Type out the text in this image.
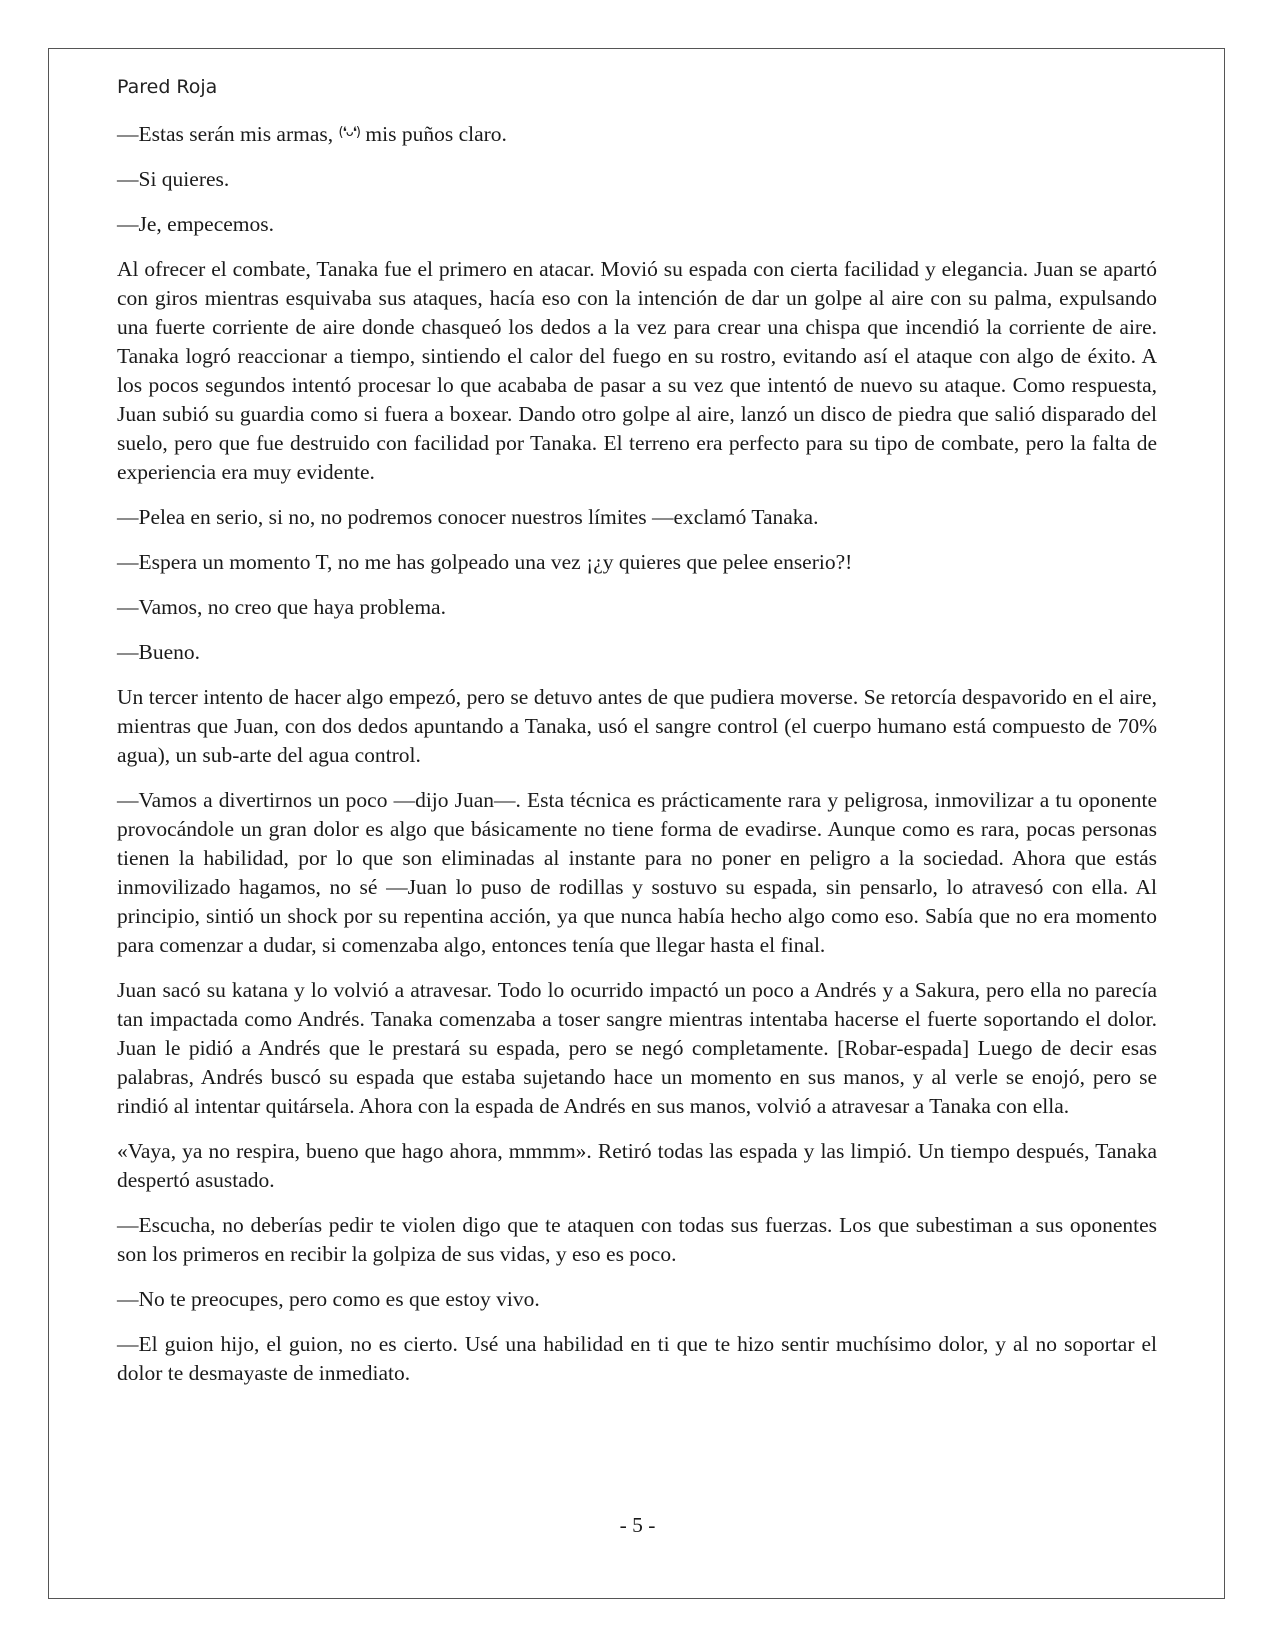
Pared Roja

—Estas serán mis armas, $^{(❛ᴗ❛)}$ mis puños claro.

—Si quieres.

—Je, empecemos.

Al ofrecer el combate, Tanaka fue el primero en atacar. Movió su espada con cierta facilidad y elegancia. Juan se apartó con giros mientras esquivaba sus ataques, hacía eso con la intención de dar un golpe al aire con su palma, expulsando una fuerte corriente de aire donde chasqueó los dedos a la vez para crear una chispa que incendió la corriente de aire. Tanaka logró reaccionar a tiempo, sintiendo el calor del fuego en su rostro, evitando así el ataque con algo de éxito. A los pocos segundos intentó procesar lo que acababa de pasar a su vez que intentó de nuevo su ataque. Como respuesta, Juan subió su guardia como si fuera a boxear. Dando otro golpe al aire, lanzó un disco de piedra que salió disparado del suelo, pero que fue destruido con facilidad por Tanaka. El terreno era perfecto para su tipo de combate, pero la falta de experiencia era muy evidente.

—Pelea en serio, si no, no podremos conocer nuestros límites —exclamó Tanaka.

—Espera un momento T, no me has golpeado una vez ¡¿y quieres que pelee enserio?!

—Vamos, no creo que haya problema.

—Bueno.

Un tercer intento de hacer algo empezó, pero se detuvo antes de que pudiera moverse. Se retorcía despavorido en el aire, mientras que Juan, con dos dedos apuntando a Tanaka, usó el sangre control (el cuerpo humano está compuesto de 70% agua), un sub-arte del agua control.

—Vamos a divertirnos un poco —dijo Juan—. Esta técnica es prácticamente rara y peligrosa, inmovilizar a tu oponente provocándole un gran dolor es algo que básicamente no tiene forma de evadirse. Aunque como es rara, pocas personas tienen la habilidad, por lo que son eliminadas al instante para no poner en peligro a la sociedad. Ahora que estás inmovilizado hagamos, no sé —Juan lo puso de rodillas y sostuvo su espada, sin pensarlo, lo atravesó con ella. Al principio, sintió un shock por su repentina acción, ya que nunca había hecho algo como eso. Sabía que no era momento para comenzar a dudar, si comenzaba algo, entonces tenía que llegar hasta el final.

Juan sacó su katana y lo volvió a atravesar. Todo lo ocurrido impactó un poco a Andrés y a Sakura, pero ella no parecía tan impactada como Andrés. Tanaka comenzaba a toser sangre mientras intentaba hacerse el fuerte soportando el dolor. Juan le pidió a Andrés que le prestará su espada, pero se negó completamente. [Robar-espada] Luego de decir esas palabras, Andrés buscó su espada que estaba sujetando hace un momento en sus manos, y al verle se enojó, pero se rindió al intentar quitársela. Ahora con la espada de Andrés en sus manos, volvió a atravesar a Tanaka con ella.

«Vaya, ya no respira, bueno que hago ahora, mmmm». Retiró todas las espada y las limpió. Un tiempo después, Tanaka despertó asustado.

—Escucha, no deberías pedir te violen digo que te ataquen con todas sus fuerzas. Los que subestiman a sus oponentes son los primeros en recibir la golpiza de sus vidas, y eso es poco.

—No te preocupes, pero como es que estoy vivo.

—El guion hijo, el guion, no es cierto. Usé una habilidad en ti que te hizo sentir muchísimo dolor, y al no soportar el dolor te desmayaste de inmediato.

- 5 -
